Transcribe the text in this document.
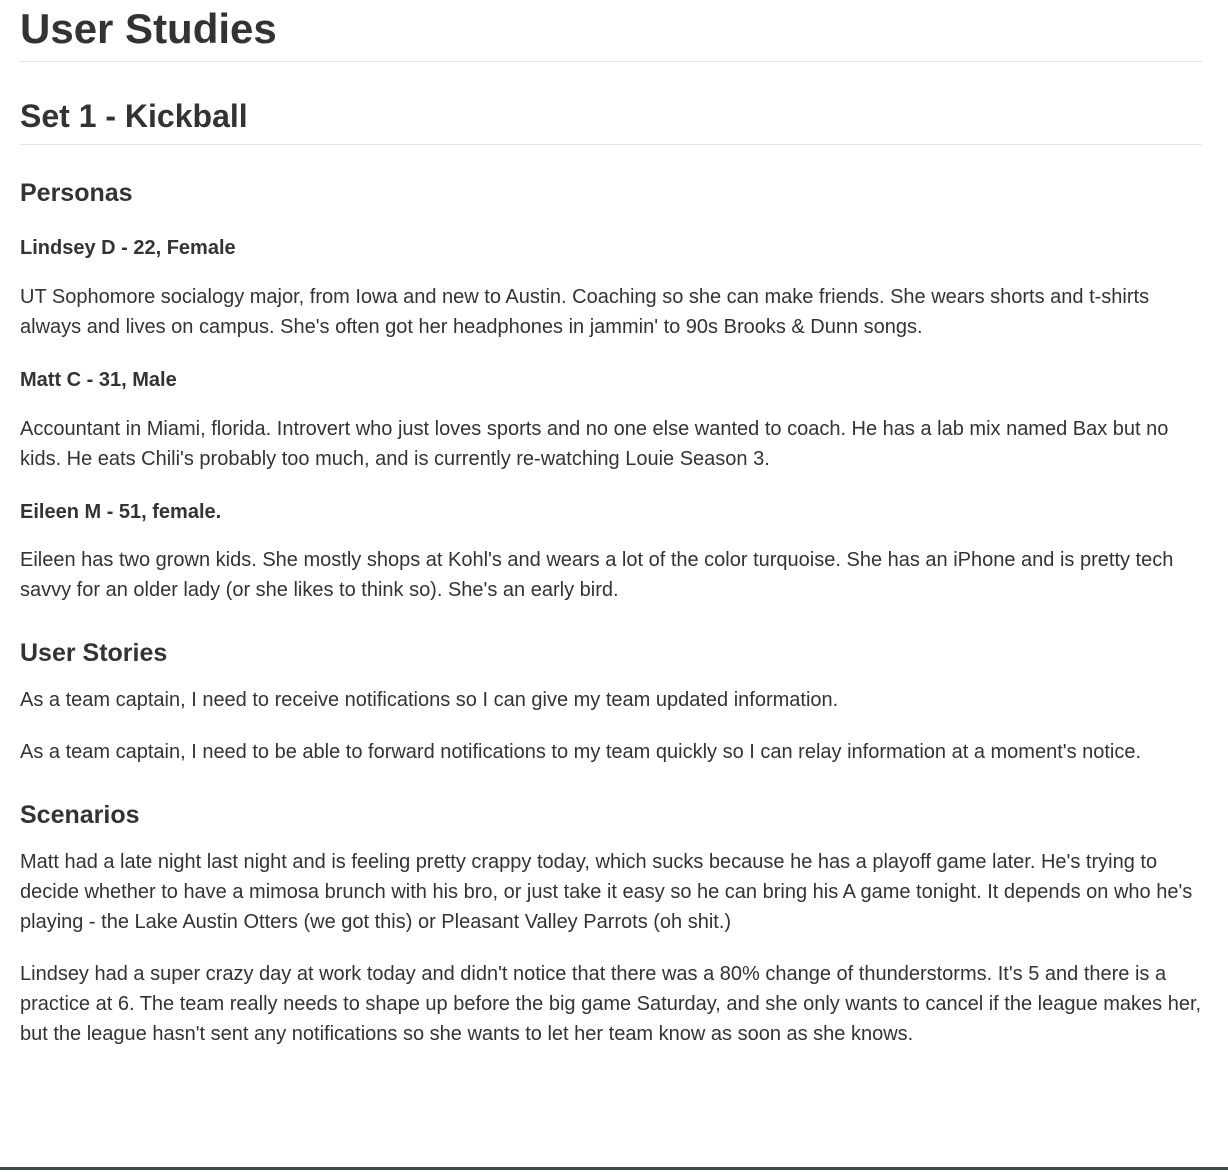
User Studies
Set 1 - Kickball
Personas
Lindsey D - 22, Female

UT Sophomore socialogy major, from Iowa and new to Austin. Coaching so she can make friends. She wears shorts and t-shirts always and lives on campus. She's often got her headphones in jammin' to 90s Brooks & Dunn songs.

Matt C - 31, Male

Accountant in Miami, florida. Introvert who just loves sports and no one else wanted to coach. He has a lab mix named Bax but no kids. He eats Chili's probably too much, and is currently re-watching Louie Season 3.

Eileen M - 51, female.

Eileen has two grown kids. She mostly shops at Kohl's and wears a lot of the color turquoise. She has an iPhone and is pretty tech savvy for an older lady (or she likes to think so). She's an early bird.

User Stories

As a team captain, I need to receive notifications so I can give my team updated information.

As a team captain, I need to be able to forward notifications to my team quickly so I can relay information at a moment's notice.

Scenarios

Matt had a late night last night and is feeling pretty crappy today, which sucks because he has a playoff game later. He's trying to decide whether to have a mimosa brunch with his bro, or just take it easy so he can bring his A game tonight. It depends on who he's playing - the Lake Austin Otters (we got this) or Pleasant Valley Parrots (oh shit.)

Lindsey had a super crazy day at work today and didn't notice that there was a 80% change of thunderstorms. It's 5 and there is a practice at 6. The team really needs to shape up before the big game Saturday, and she only wants to cancel if the league makes her, but the league hasn't sent any notifications so she wants to let her team know as soon as she knows.
